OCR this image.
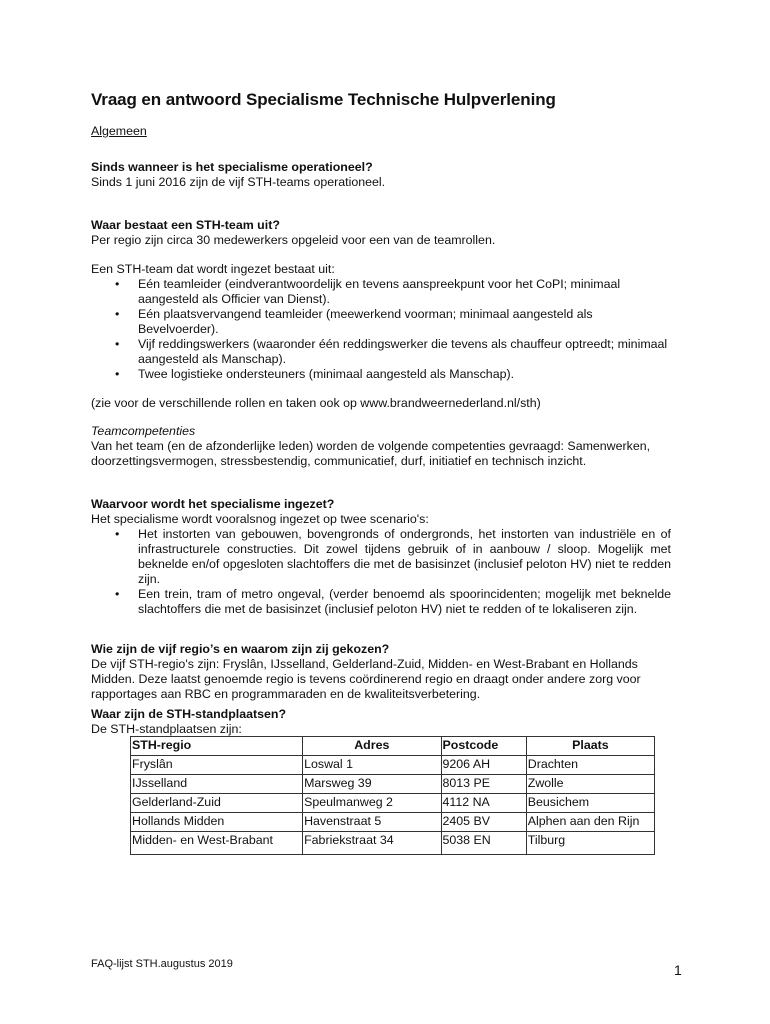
Vraag en antwoord Specialisme Technische Hulpverlening
Algemeen
Sinds wanneer is het specialisme operationeel?
Sinds 1 juni 2016 zijn de vijf STH-teams operationeel.
Waar bestaat een STH-team uit?
Per regio zijn circa 30 medewerkers opgeleid voor een van de teamrollen.
Een STH-team dat wordt ingezet bestaat uit:
• Eén teamleider (eindverantwoordelijk en tevens aanspreekpunt voor het CoPI; minimaal aangesteld als Officier van Dienst).
• Eén plaatsvervangend teamleider (meewerkend voorman; minimaal aangesteld als Bevelvoerder).
• Vijf reddingswerkers (waaronder één reddingswerker die tevens als chauffeur optreedt; minimaal aangesteld als Manschap).
• Twee logistieke ondersteuners (minimaal aangesteld als Manschap).
(zie voor de verschillende rollen en taken ook op www.brandweernederland.nl/sth)
Teamcompetenties
Van het team (en de afzonderlijke leden) worden de volgende competenties gevraagd: Samenwerken, doorzettingsvermogen, stressbestendig, communicatief, durf, initiatief en technisch inzicht.
Waarvoor wordt het specialisme ingezet?
Het specialisme wordt vooralsnog ingezet op twee scenario's:
• Het instorten van gebouwen, bovengronds of ondergronds, het instorten van industriële en of infrastructurele constructies. Dit zowel tijdens gebruik of in aanbouw / sloop. Mogelijk met beknelde en/of opgesloten slachtoffers die met de basisinzet (inclusief peloton HV) niet te redden zijn.
• Een trein, tram of metro ongeval, (verder benoemd als spoorincidenten; mogelijk met beknelde slachtoffers die met de basisinzet (inclusief peloton HV) niet te redden of te lokaliseren zijn.
Wie zijn de vijf regio’s en waarom zijn zij gekozen?
De vijf STH-regio's zijn: Fryslân, IJsselland, Gelderland-Zuid, Midden- en West-Brabant en Hollands Midden. Deze laatst genoemde regio is tevens coördinerend regio en draagt onder andere zorg voor rapportages aan RBC en programmaraden en de kwaliteitsverbetering.
Waar zijn de STH-standplaatsen?
De STH-standplaatsen zijn:
STH-regio	Adres	Postcode	Plaats
Fryslân	Loswal 1	9206 AH	Drachten
IJsselland	Marsweg 39	8013 PE	Zwolle
Gelderland-Zuid	Speulmanweg 2	4112 NA	Beusichem
Hollands Midden	Havenstraat 5	2405 BV	Alphen aan den Rijn
Midden- en West-Brabant	Fabriekstraat 34	5038 EN	Tilburg
FAQ-lijst STH.augustus 2019	1
